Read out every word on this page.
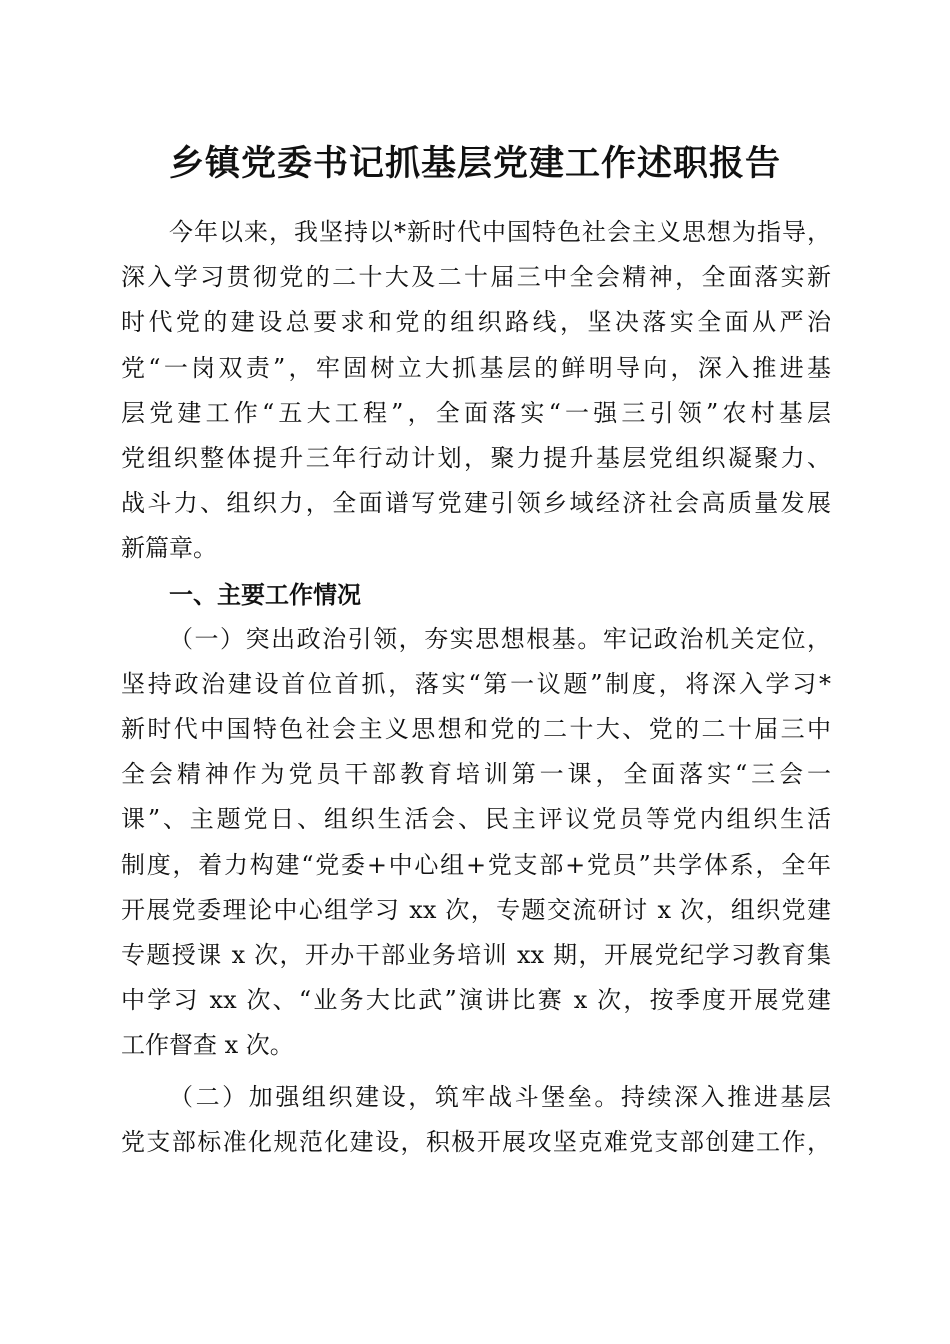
乡镇党委书记抓基层党建工作述职报告
今年以来，我坚持以*新时代中国特色社会主义思想为指导，
深入学习贯彻党的二十大及二十届三中全会精神，全面落实新
时代党的建设总要求和党的组织路线，坚决落实全面从严治
党“一岗双责”，牢固树立大抓基层的鲜明导向，深入推进基
层党建工作“五大工程”，全面落实“一强三引领”农村基层
党组织整体提升三年行动计划，聚力提升基层党组织凝聚力、
战斗力、组织力，全面谱写党建引领乡域经济社会高质量发展
新篇章。
一、主要工作情况
（一）突出政治引领，夯实思想根基。牢记政治机关定位，
坚持政治建设首位首抓，落实“第一议题”制度，将深入学习*
新时代中国特色社会主义思想和党的二十大、党的二十届三中
全会精神作为党员干部教育培训第一课，全面落实“三会一
课”、主题党日、组织生活会、民主评议党员等党内组织生活
制度，着力构建“党委+中心组+党支部+党员”共学体系，全年
开展党委理论中心组学习 xx 次，专题交流研讨 x 次，组织党建
专题授课 x 次，开办干部业务培训 xx 期，开展党纪学习教育集
中学习 xx 次、“业务大比武”演讲比赛 x 次，按季度开展党建
工作督查 x 次。
（二）加强组织建设，筑牢战斗堡垒。持续深入推进基层
党支部标准化规范化建设，积极开展攻坚克难党支部创建工作，
